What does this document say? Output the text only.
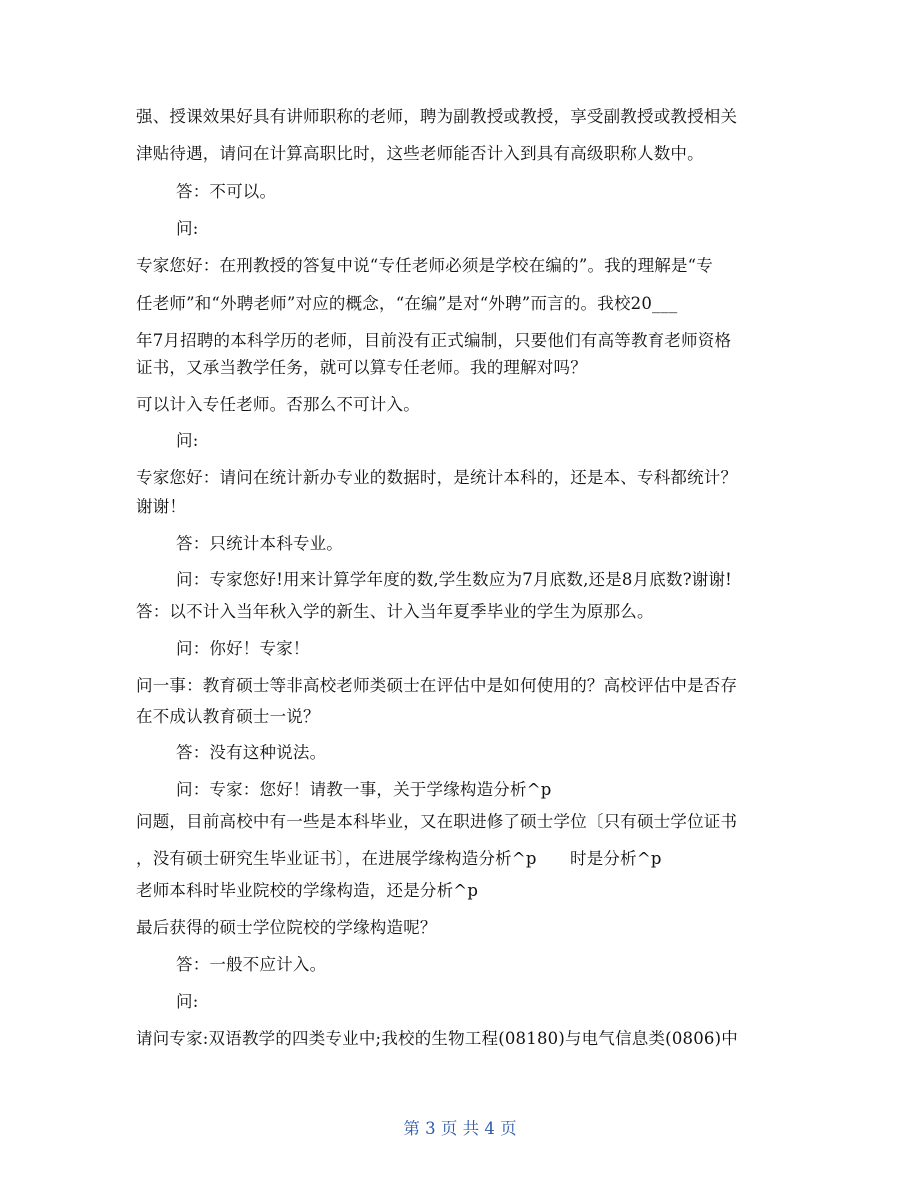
强、授课效果好具有讲师职称的老师，聘为副教授或教授，享受副教授或教授相关
津贴待遇，请问在计算高职比时，这些老师能否计入到具有高级职称人数中。
答：不可以。
问:
专家您好：在刑教授的答复中说“专任老师必须是学校在编的”。我的理解是“专
任老师”和“外聘老师”对应的概念，“在编”是对“外聘”而言的。我校20___
年7月招聘的本科学历的老师，目前没有正式编制，只要他们有高等教育老师资格
证书，又承当教学任务，就可以算专任老师。我的理解对吗？
可以计入专任老师。否那么不可计入。
问:
专家您好：请问在统计新办专业的数据时，是统计本科的，还是本、专科都统计？
谢谢！
答：只统计本科专业。
问：专家您好!用来计算学年度的数,学生数应为7月底数,还是8月底数?谢谢!
答：以不计入当年秋入学的新生、计入当年夏季毕业的学生为原那么。
问：你好！专家！
问一事：教育硕士等非高校老师类硕士在评估中是如何使用的？高校评估中是否存
在不成认教育硕士一说？
答：没有这种说法。
问：专家：您好！请教一事，关于学缘构造分析^p
问题，目前高校中有一些是本科毕业，又在职进修了硕士学位〔只有硕士学位证书
，没有硕士研究生毕业证书〕，在进展学缘构造分析^p　　时是分析^p
老师本科时毕业院校的学缘构造，还是分析^p
最后获得的硕士学位院校的学缘构造呢？
答：一般不应计入。
问:
请问专家:双语教学的四类专业中;我校的生物工程(08180)与电气信息类(0806)中
第 3 页 共 4 页
